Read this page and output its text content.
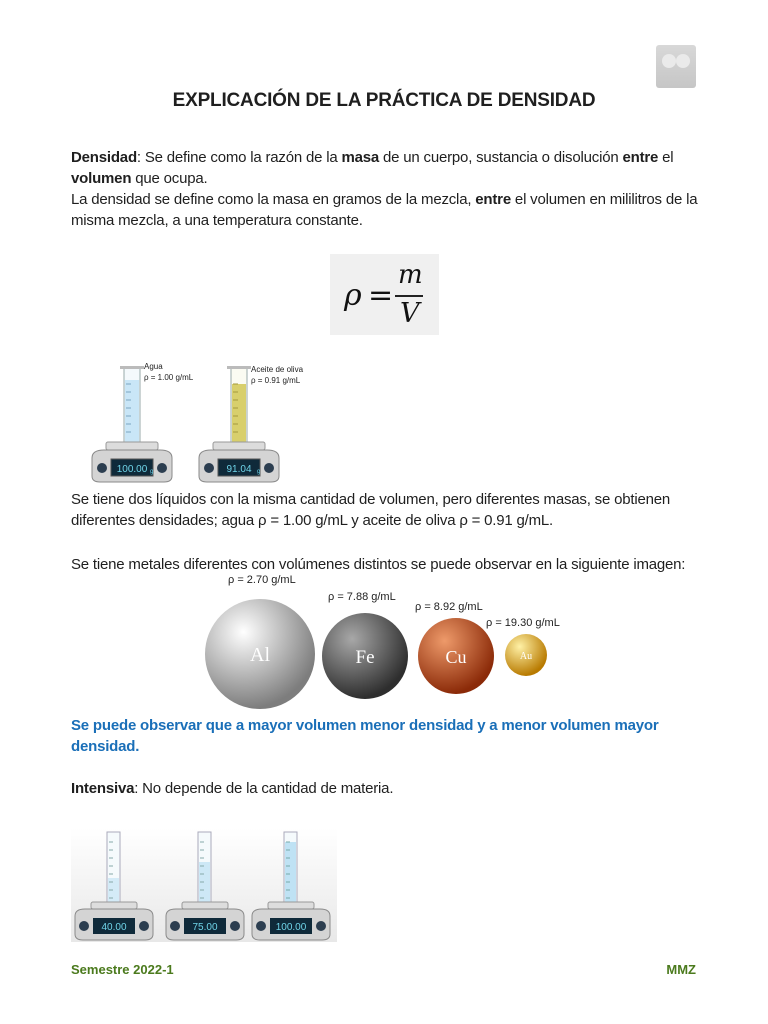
EXPLICACIÓN DE LA PRÁCTICA DE DENSIDAD
Densidad: Se define como la razón de la masa de un cuerpo, sustancia o disolución entre el
volumen que ocupa.
La densidad se define como la masa en gramos de la mezcla, entre el volumen en mililitros de la
misma mezcla, a una temperatura constante.
ρ =
m
V
Agua
ρ = 1.00 g/mL
100.00 g
Aceite de oliva
ρ = 0.91 g/mL
91.04 g
Se tiene dos líquidos con la misma cantidad de volumen, pero diferentes masas, se obtienen
diferentes densidades; agua ρ = 1.00 g/mL y aceite de oliva ρ = 0.91 g/mL.
Se tiene metales diferentes con volúmenes distintos se puede observar en la siguiente imagen:
ρ = 2.70 g/mL
Al
ρ = 7.88 g/mL
Fe
ρ = 8.92 g/mL
Cu
ρ = 19.30 g/mL
Au
Se puede observar que a mayor volumen menor densidad y a menor volumen mayor
densidad.
Intensiva: No depende de la cantidad de materia.
40.00	75.00	100.00
Semestre 2022-1	MMZ
